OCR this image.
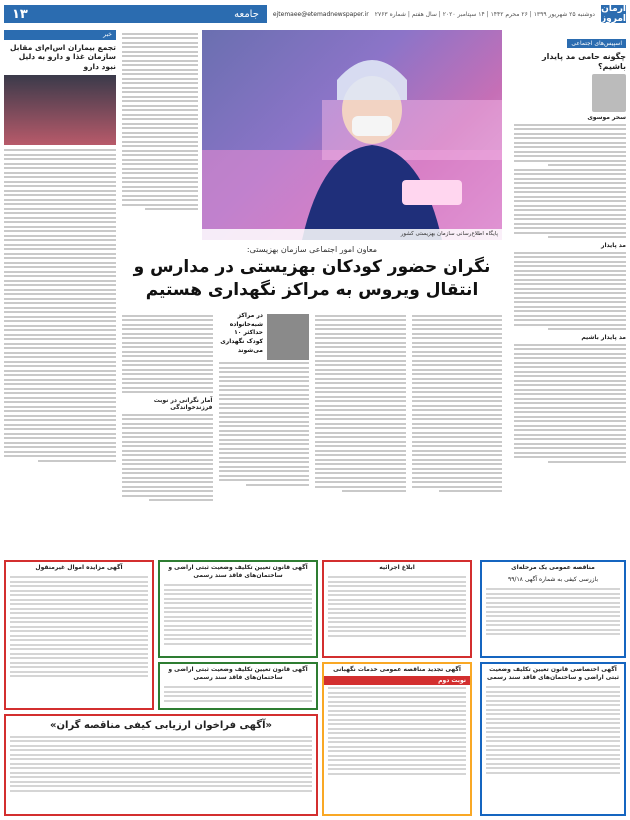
آرمان امروز
دوشنبه ۲۵ شهریور ۱۳۹۹ | ۲۶ محرم ۱۴۴۲ | ۱۴ سپتامبر ۲۰۲۰ | سال هفتم | شماره ۲۷۶۳
ejtemaee@etemadnewspaper.ir
جامعه
۱۳
اسپیس‌های اجتماعی
چگونه حامی مد پایدار باشیم؟
سحر موسوی
مد پایدار
مد پایدار باشیم
پایگاه اطلاع‌رسانی سازمان بهزیستی کشور
معاون امور اجتماعی سازمان بهزیستی:
نگران حضور کودکان بهزیستی در مدارس و انتقال ویروس به مراکز نگهداری هستیم
در مراکز شبه‌خانواده حداکثر ۱۰ کودک نگهداری می‌شوند
آمار نگرانی در نوبت فرزندخواندگی
خبر
تجمع بیماران اس‌ام‌ای مقابل سازمان غذا و دارو به دلیل نبود دارو
آگهی مزایده اموال غیرمنقول	آگهی قانون تعیین تکلیف وضعیت ثبتی اراضی و ساختمان‌های فاقد سند رسمی
ابلاغ اجرائیه	مناقصه عمومی یک مرحله‌ای
بازرسی کیفی به شماره آگهی ۹۹/۱۸
آگهی قانون تعیین تکلیف وضعیت ثبتی اراضی و ساختمان‌های فاقد سند رسمی
«آگهی فراخوان ارزیابی کیفی مناقصه گران»
آگهی تجدید مناقصه عمومی خدمات نگهبانی
نوبت دوم
آگهی اختصاصی قانون تعیین تکلیف وضعیت ثبتی اراضی و ساختمان‌های فاقد سند رسمی
